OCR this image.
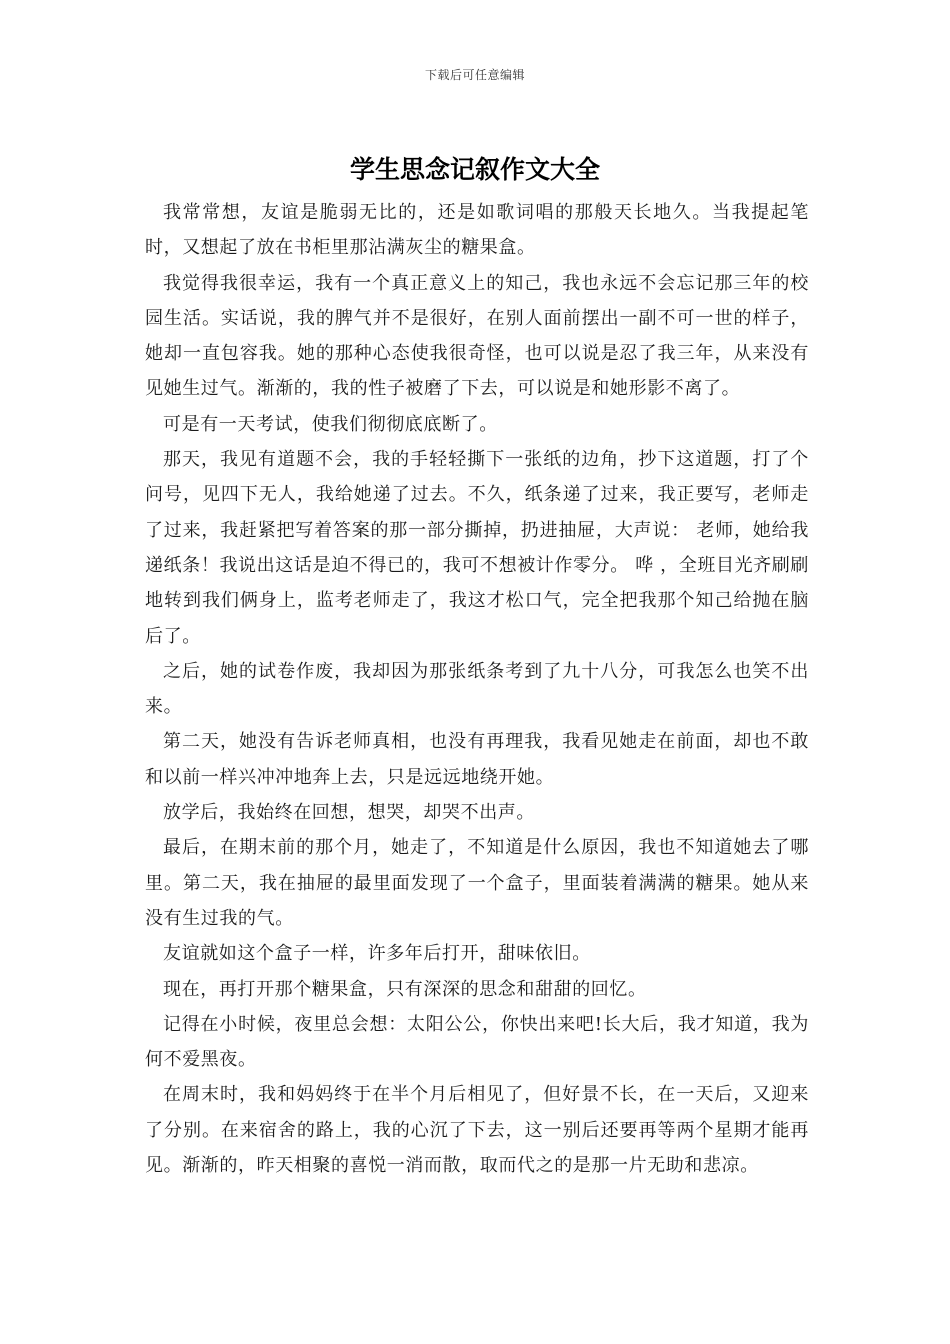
下载后可任意编辑
学生思念记叙作文大全

我常常想，友谊是脆弱无比的，还是如歌词唱的那般天长地久。当我提起笔时，又想起了放在书柜里那沾满灰尘的糖果盒。

我觉得我很幸运，我有一个真正意义上的知己，我也永远不会忘记那三年的校园生活。实话说，我的脾气并不是很好，在别人面前摆出一副不可一世的样子，她却一直包容我。她的那种心态使我很奇怪，也可以说是忍了我三年，从来没有见她生过气。渐渐的，我的性子被磨了下去，可以说是和她形影不离了。

可是有一天考试，使我们彻彻底底断了。

那天，我见有道题不会，我的手轻轻撕下一张纸的边角，抄下这道题，打了个问号，见四下无人，我给她递了过去。不久，纸条递了过来，我正要写，老师走了过来，我赶紧把写着答案的那一部分撕掉，扔进抽屉，大声说： 老师，她给我递纸条！我说出这话是迫不得已的，我可不想被计作零分。 哗 ，全班目光齐刷刷地转到我们俩身上，监考老师走了，我这才松口气，完全把我那个知己给抛在脑后了。

之后，她的试卷作废，我却因为那张纸条考到了九十八分，可我怎么也笑不出来。

第二天，她没有告诉老师真相，也没有再理我，我看见她走在前面，却也不敢和以前一样兴冲冲地奔上去，只是远远地绕开她。

放学后，我始终在回想，想哭，却哭不出声。

最后，在期末前的那个月，她走了，不知道是什么原因，我也不知道她去了哪里。第二天，我在抽屉的最里面发现了一个盒子，里面装着满满的糖果。她从来没有生过我的气。

友谊就如这个盒子一样，许多年后打开，甜味依旧。

现在，再打开那个糖果盒，只有深深的思念和甜甜的回忆。

记得在小时候，夜里总会想：太阳公公，你快出来吧!长大后，我才知道，我为何不爱黑夜。

在周末时，我和妈妈终于在半个月后相见了，但好景不长，在一天后，又迎来了分别。在来宿舍的路上，我的心沉了下去，这一别后还要再等两个星期才能再见。渐渐的，昨天相聚的喜悦一消而散，取而代之的是那一片无助和悲凉。
